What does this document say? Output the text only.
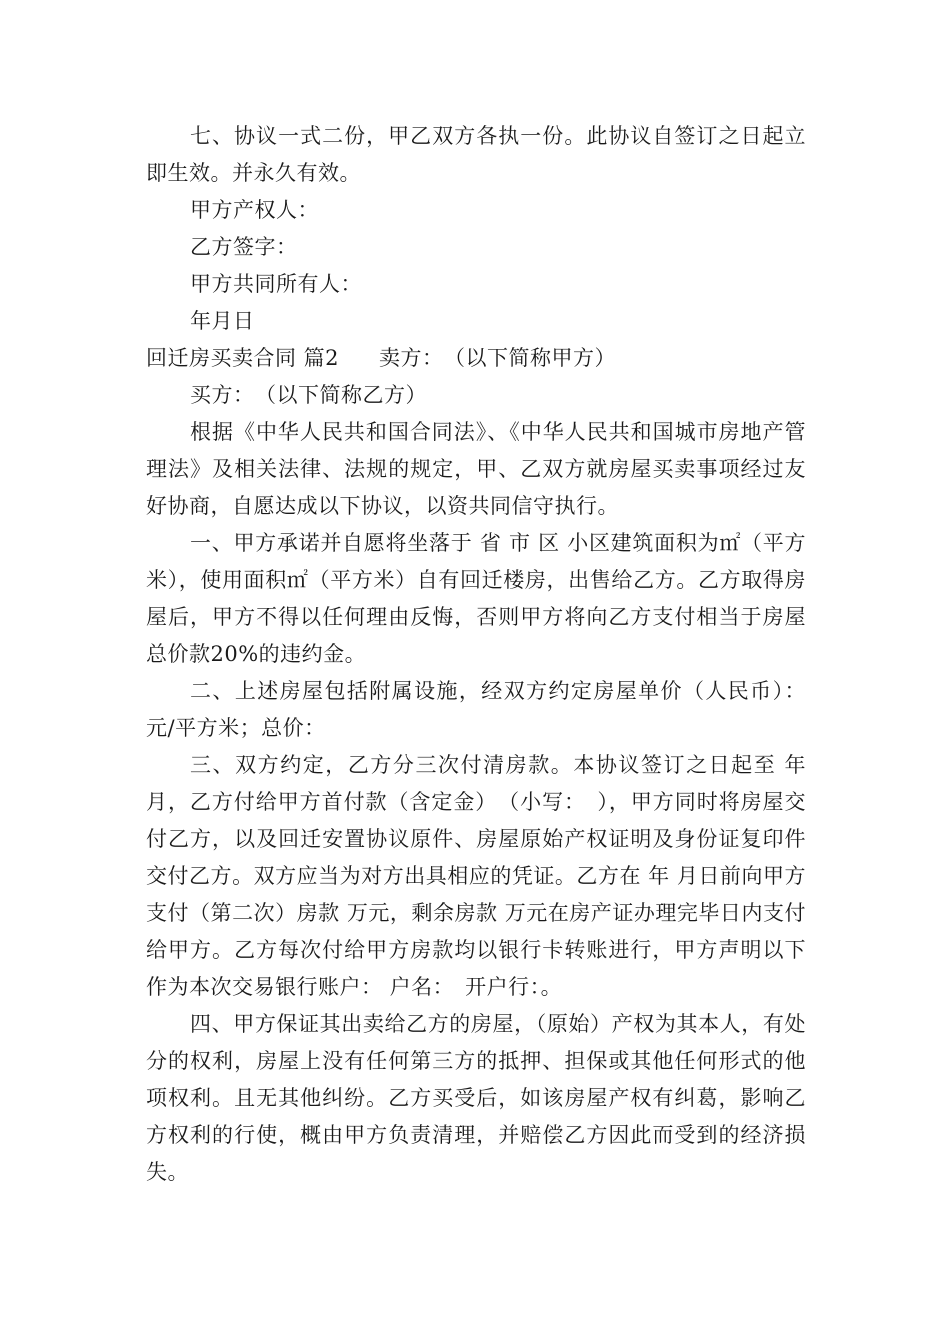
七、协议一式二份，甲乙双方各执一份。此协议自签订之日起立即生效。并永久有效。

甲方产权人：

乙方签字：

甲方共同所有人：

年月日

回迁房买卖合同 篇2 卖方：　（以下简称甲方）

买方：　（以下简称乙方）

根据《中华人民共和国合同法》、《中华人民共和国城市房地产管理法》及相关法律、法规的规定，甲、乙双方就房屋买卖事项经过友好协商，自愿达成以下协议，以资共同信守执行。

一、甲方承诺并自愿将坐落于 省 市 区 小区建筑面积为㎡（平方米），使用面积㎡（平方米）自有回迁楼房，出售给乙方。乙方取得房屋后，甲方不得以任何理由反悔，否则甲方将向乙方支付相当于房屋总价款20%的违约金。

二、上述房屋包括附属设施，经双方约定房屋单价（人民币）：元/平方米；总价：

三、双方约定，乙方分三次付清房款。本协议签订之日起至 年月，乙方付给甲方首付款（含定金）　（小写：　），甲方同时将房屋交付乙方，以及回迁安置协议原件、房屋原始产权证明及身份证复印件交付乙方。双方应当为对方出具相应的凭证。乙方在 年 月日前向甲方支付（第二次）房款 万元，剩余房款 万元在房产证办理完毕日内支付给甲方。乙方每次付给甲方房款均以银行卡转账进行，甲方声明以下作为本次交易银行账户： 户名：　开户行：。

四、甲方保证其出卖给乙方的房屋，（原始）产权为其本人，有处分的权利，房屋上没有任何第三方的抵押、担保或其他任何形式的他项权利。且无其他纠纷。乙方买受后，如该房屋产权有纠葛，影响乙方权利的行使，概由甲方负责清理，并赔偿乙方因此而受到的经济损失。
